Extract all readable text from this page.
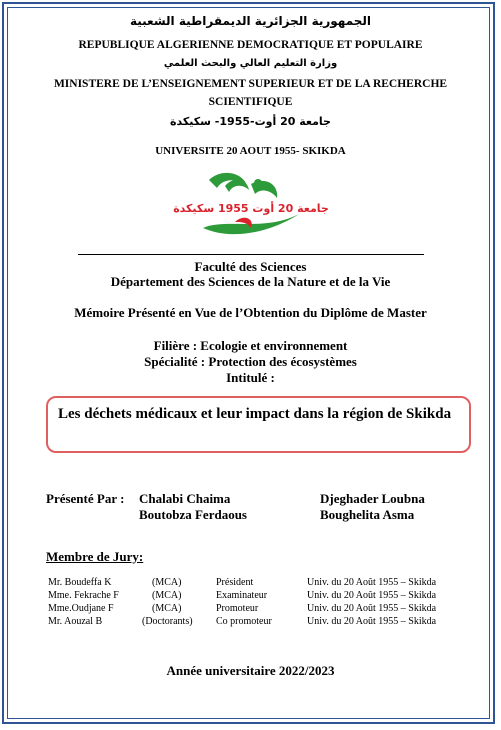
الجمهورية الجزائرية الديمقراطية الشعبية
REPUBLIQUE ALGERIENNE DEMOCRATIQUE ET POPULAIRE
وزارة التعليم العالي والبحث العلمي
MINISTERE DE L’ENSEIGNEMENT SUPERIEUR ET DE LA RECHERCHE
SCIENTIFIQUE
جامعة 20 أوت-1955- سكيكدة
UNIVERSITE 20 AOUT 1955- SKIKDA
جامعة 20 أوت 1955 سكيكدة
Faculté des Sciences
Département des Sciences de la Nature et de la Vie
Mémoire Présenté en Vue de l’Obtention du Diplôme de Master
Filière : Ecologie et environnement
Spécialité : Protection des écosystèmes
Intitulé :
Les déchets médicaux et leur impact dans la région de Skikda
Présenté Par : Chalabi Chaima	Djeghader Loubna
Boutobza Ferdaous	Boughelita Asma
Membre de Jury:
Mr. Boudeffa K	(MCA)	Président	Univ. du 20 Août 1955 – Skikda
Mme. Fekrache F	(MCA)	Examinateur	Univ. du 20 Août 1955 – Skikda
Mme.Oudjane F	(MCA)	Promoteur	Univ. du 20 Août 1955 – Skikda
Mr. Aouzal B	(Doctorants) Co promoteur	Univ. du 20 Août 1955 – Skikda
Année universitaire 2022/2023
